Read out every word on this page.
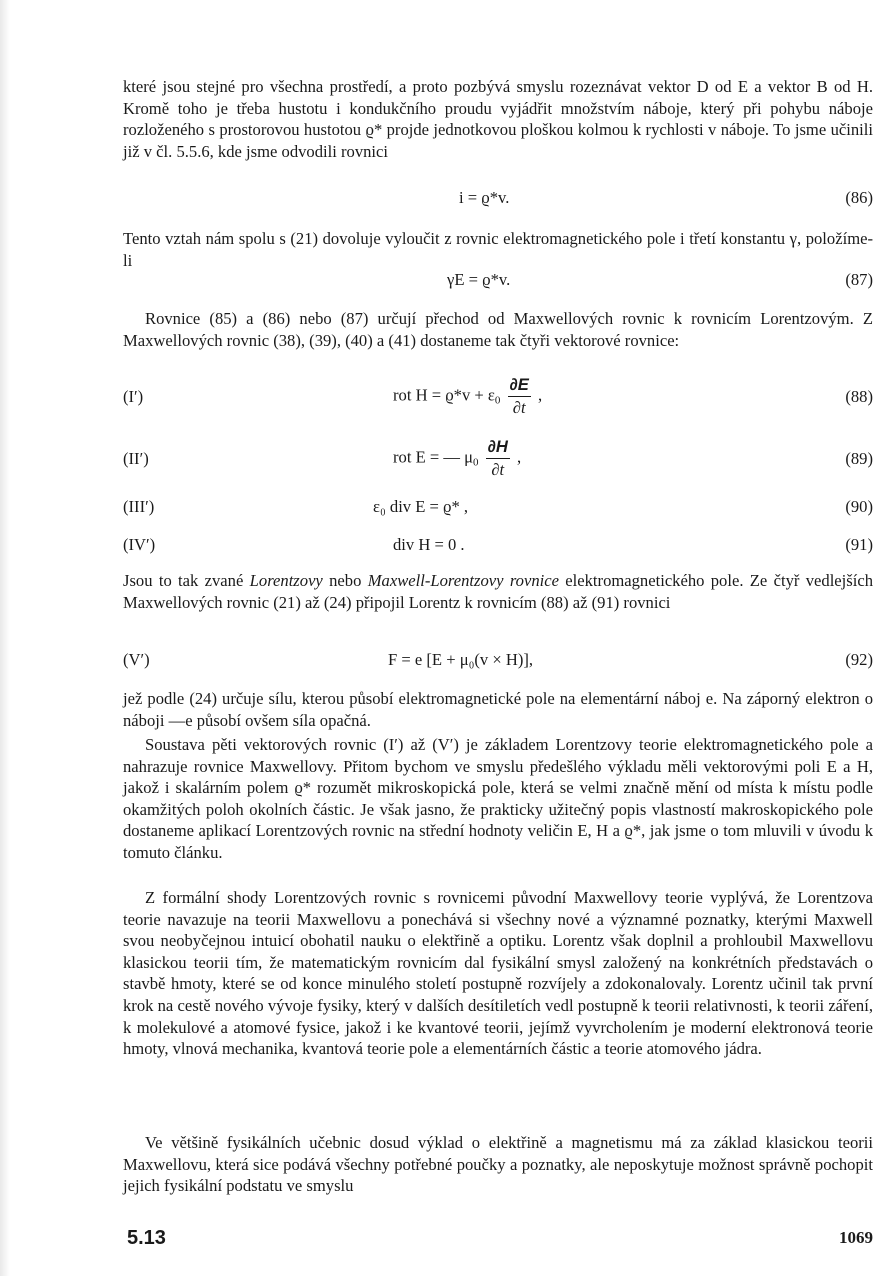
které jsou stejné pro všechna prostředí, a proto pozbývá smyslu rozeznávat vektor D od E a vektor B od H. Kromě toho je třeba hustotu i kondukčního proudu vyjádřit množstvím náboje, který při pohybu náboje rozloženého s prostorovou hustotou ϱ* projde jednotkovou ploškou kolmou k rychlosti v náboje. To jsme učinili již v čl. 5.5.6, kde jsme odvodili rovnici

i = ϱ*v.	(86)

Tento vztah nám spolu s (21) dovoluje vyloučit z rovnic elektromagnetického pole i třetí konstantu γ, položíme-li

γE = ϱ*v.	(87)

Rovnice (85) a (86) nebo (87) určují přechod od Maxwellových rovnic k rovnicím Lorentzovým. Z Maxwellových rovnic (38), (39), (40) a (41) dostaneme tak čtyři vektorové rovnice:

(I′)	rot $H = ϱ*v + \varepsilon_0 \frac{\partial E}{\partial t}$ ,	(88)
(II′)	rot E = — $\mu_0 \frac{\partial H}{\partial t}$ ,	(89)
(III′)	ε₀ div E = ϱ* ,	(90)
(IV′)	div H = 0 .	(91)

Jsou to tak zvané Lorentzovy nebo Maxwell-Lorentzovy rovnice elektromagnetického pole. Ze čtyř vedlejších Maxwellových rovnic (21) až (24) připojil Lorentz k rovnicím (88) až (91) rovnici

(V′)	F = e [E + μ₀(v × H)],	(92)

jež podle (24) určuje sílu, kterou působí elektromagnetické pole na elementární náboj e. Na záporný elektron o náboji —e působí ovšem síla opačná.

Soustava pěti vektorových rovnic (I′) až (V′) je základem Lorentzovy teorie elektromagnetického pole a nahrazuje rovnice Maxwellovy. Přitom bychom ve smyslu předešlého výkladu měli vektorovými poli E a H, jakož i skalárním polem ϱ* rozumět mikroskopická pole, která se velmi značně mění od místa k místu podle okamžitých poloh okolních částic. Je však jasno, že prakticky užitečný popis vlastností makroskopického pole dostaneme aplikací Lorentzových rovnic na střední hodnoty veličin E, H a ϱ*, jak jsme o tom mluvili v úvodu k tomuto článku.

Z formální shody Lorentzových rovnic s rovnicemi původní Maxwellovy teorie vyplývá, že Lorentzova teorie navazuje na teorii Maxwellovu a ponechává si všechny nové a významné poznatky, kterými Maxwell svou neobyčejnou intuicí obohatil nauku o elektřině a optiku. Lorentz však doplnil a prohloubil Maxwellovu klasickou teorii tím, že matematickým rovnicím dal fysikální smysl založený na konkrétních představách o stavbě hmoty, které se od konce minulého století postupně rozvíjely a zdokonalovaly. Lorentz učinil tak první krok na cestě nového vývoje fysiky, který v dalších desítiletích vedl postupně k teorii relativnosti, k teorii záření, k molekulové a atomové fysice, jakož i ke kvantové teorii, jejímž vyvrcholením je moderní elektronová teorie hmoty, vlnová mechanika, kvantová teorie pole a elementárních částic a teorie atomového jádra.

Ve většině fysikálních učebnic dosud výklad o elektřině a magnetismu má za základ klasickou teorii Maxwellovu, která sice podává všechny potřebné poučky a poznatky, ale neposkytuje možnost správně pochopit jejich fysikální podstatu ve smyslu

5.13	1069
